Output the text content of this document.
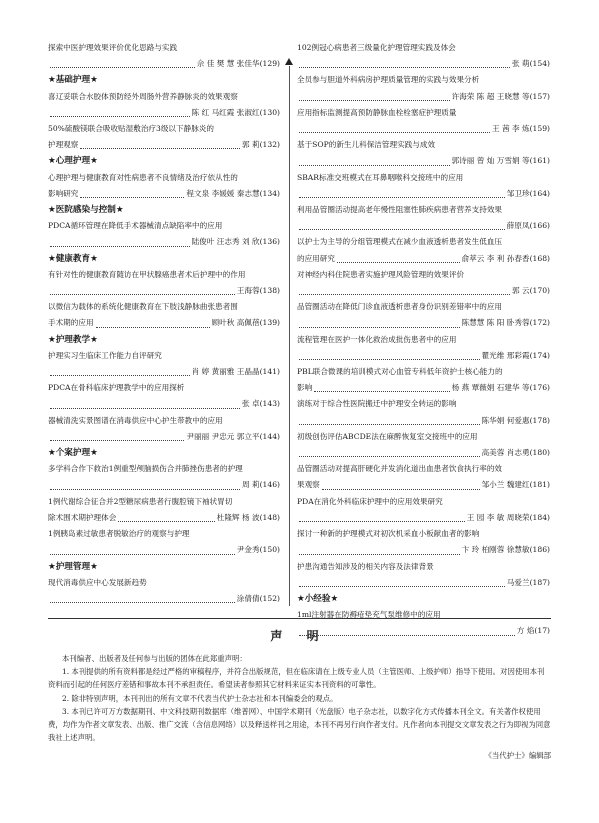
探索中医护理效果评价优化思路与实践
佘 佳 樊 慧 张佳华 (129)
★基础护理★
喜辽妥联合水胶体预防经外周肠外营养静脉炎的效果观察
陈 红 马红霞 张淑红 (130)
50%硫酸镁联合吸收贴湿敷治疗3级以下静脉炎的
护理观察	郭 莉 (132)
★心理护理★
心理护理与健康教育对性病患者不良情绪及治疗依从性的
影响研究	程文泉 李媛媛 秦志慧 (134)
★医院感染与控制★
PDCA循环管理在降低手术器械清点缺陷率中的应用
陆俊叶 汪志秀 刘 欣 (136)
★健康教育★
有针对性的健康教育随访在甲状腺癌患者术后护理中的作用
王海蓉 (138)
以微信为载体的系统化健康教育在下肢浅静脉曲张患者围
手术期的应用	顾叶秋 高佩蓓 (139)
★护理教学★
护理实习生临床工作能力自评研究
肖 婷 黄丽雅 王晶晶 (141)
PDCA在骨科临床护理教学中的应用探析
张 卓 (143)
器械清洗实景图谱在消毒供应中心护生带教中的应用
尹丽丽 尹忠元 郭立平 (144)
★个案护理★
多学科合作下救治1例重型颅脑损伤合并肺挫伤患者的护理
周 莉 (146)
1例代谢综合征合并2型糖尿病患者行腹腔镜下袖状胃切
除术围术期护理体会	杜隆辉 杨 波 (148)
1例胰岛素过敏患者脱敏治疗的观察与护理
尹金秀 (150)
★护理管理★
现代消毒供应中心发展新趋势
涂倩倩 (152)
102例冠心病患者三级量化护理管理实践及体会
张 萌 (154)
全员参与胆道外科病房护理质量管理的实践与效果分析
许海荣 陈 超 王晓慧 等 (157)
应用指标监测提高预防静脉血栓栓塞症护理质量
王 茜 李 炼 (159)
基于SOP的新生儿科保洁管理实践与成效
郭诗丽 曾 灿 万雪娟 等 (161)
SBAR标准交班模式在耳鼻咽喉科交接班中的应用
邹卫珍 (164)
利用品管圈活动提高老年慢性阻塞性肺疾病患者营养支持效果
薛原凤 (166)
以护士为主导的分组管理模式在减少血液透析患者发生低血压
的应用研究	俞萃云 李 利 孙春香 (168)
对神经内科住院患者实施护理风险管理的效果评价
郭 云 (170)
品管圈活动在降低门诊血液透析患者身份识别差错率中的应用
陈慧慧 陈 阳 卧秀蓉 (172)
流程管理在医护一体化救治成批伤患者中的应用
瞿光维 邢彩霞 (174)
PBL联合微课的培训模式对心血管专科低年资护士核心能力的
影响	杨 燕 覃薇娟 石建华 等 (176)
演练对于综合性医院搬迁中护理安全转运的影响
陈华娟 何爱惠 (178)
初级创伤评估ABCDE法在麻醉恢复室交接班中的应用
高美蓉 肖志勇 (180)
品管圈活动对提高肝硬化并发消化道出血患者饮食执行率的效
果观察	邹小兰 魏建红 (181)
PDA在消化外科临床护理中的应用效果研究
王 园 李 敏 周晓荣 (184)
探讨一种新的护理模式对初次机采血小板献血者的影响
卞 玲 柏刚蓉 徐慧敏 (186)
护患沟通告知涉及的相关内容及法律背景
马爱兰 (187)
★小经验★
1ml注射器在防褥疮垫充气泵维修中的应用
方 焰 (17)
声 明

本刊编者、出版者及任何参与出版的团体在此郑重声明：

1. 本刊提供的所有资料都是经过严格的审稿程序，并符合出版规范，但在临床请在上级专业人员（主管医师、上级护师）指导下使用。对因使用本刊资料而引起的任何医疗差错和事故本刊不承担责任。希望读者参照其它材料来证实本刊资料的可靠性。

2. 除非特别声明，本刊刊出的所有文章不代表当代护士杂志社和本刊编委会的观点。

3. 本刊已许可万方数据期刊、中文科技期刊数据库（维普网）、中国学术期刊（光盘版）电子杂志社，以数字化方式传播本刊全文。有关著作权使用费，均作为作者文章发表、出版、推广交流（含信息网络）以及释送样刊之用途，本刊不再另行向作者支付。凡作者向本刊提交文章发表之行为即视为同意我社上述声明。

《当代护士》编辑部
